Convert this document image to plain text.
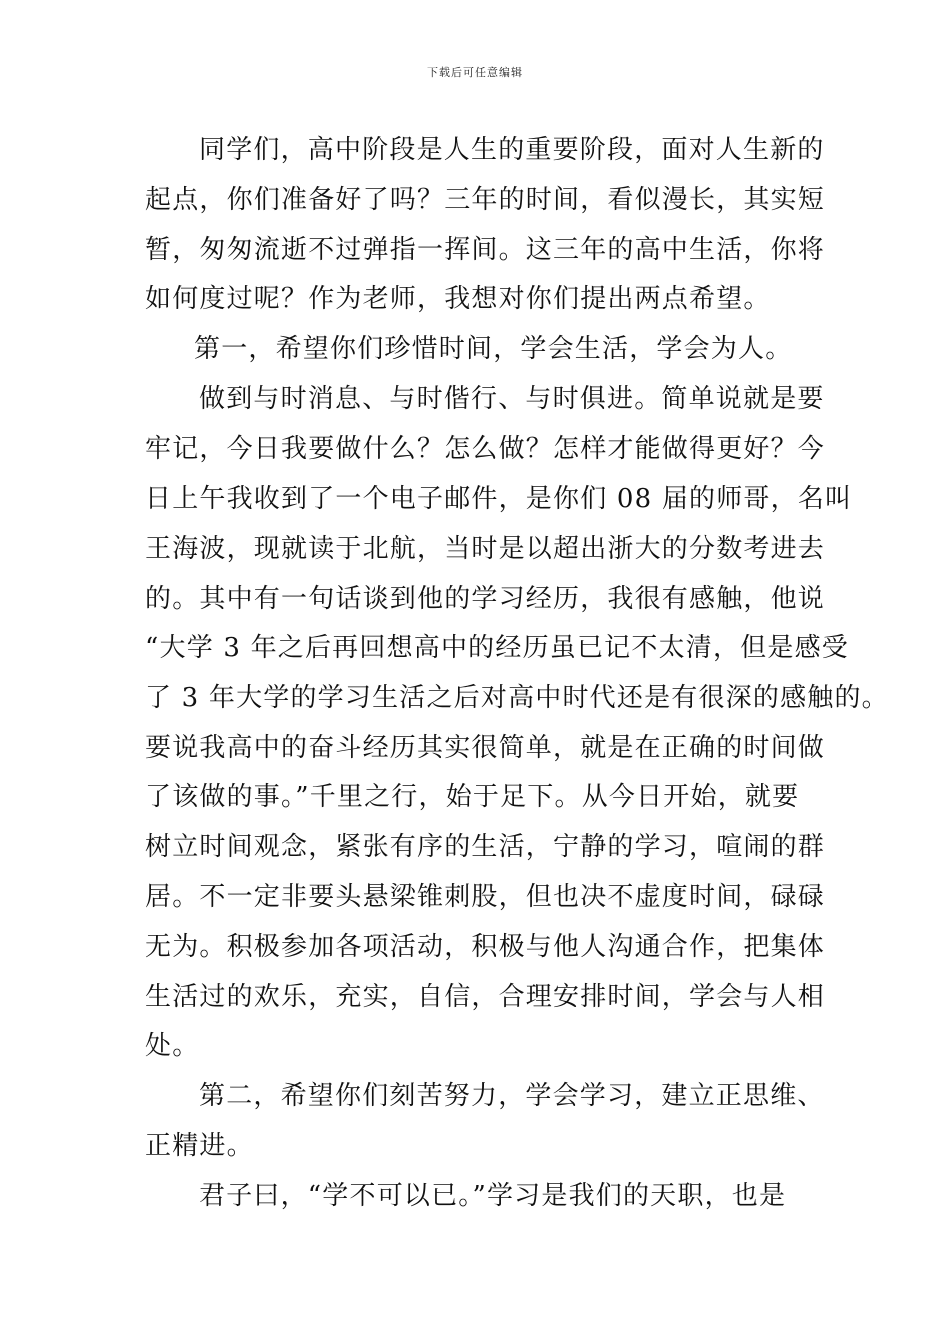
下载后可任意编辑
同学们，高中阶段是人生的重要阶段，面对人生新的
起点，你们准备好了吗？三年的时间，看似漫长，其实短
暂，匆匆流逝不过弹指一挥间。这三年的高中生活，你将
如何度过呢？作为老师，我想对你们提出两点希望。
第一，希望你们珍惜时间，学会生活，学会为人。
做到与时消息、与时偕行、与时俱进。简单说就是要
牢记，今日我要做什么？怎么做？怎样才能做得更好？今
日上午我收到了一个电子邮件，是你们 08 届的师哥，名叫
王海波，现就读于北航，当时是以超出浙大的分数考进去
的。其中有一句话谈到他的学习经历，我很有感触，他说
“大学 3 年之后再回想高中的经历虽已记不太清，但是感受
了 3 年大学的学习生活之后对高中时代还是有很深的感触的。
要说我高中的奋斗经历其实很简单，就是在正确的时间做
了该做的事。”千里之行，始于足下。从今日开始，就要
树立时间观念，紧张有序的生活，宁静的学习，喧闹的群
居。不一定非要头悬梁锥刺股，但也决不虚度时间，碌碌
无为。积极参加各项活动，积极与他人沟通合作，把集体
生活过的欢乐，充实，自信，合理安排时间，学会与人相
处。
第二，希望你们刻苦努力，学会学习，建立正思维、
正精进。
君子曰，“学不可以已。”学习是我们的天职，也是
